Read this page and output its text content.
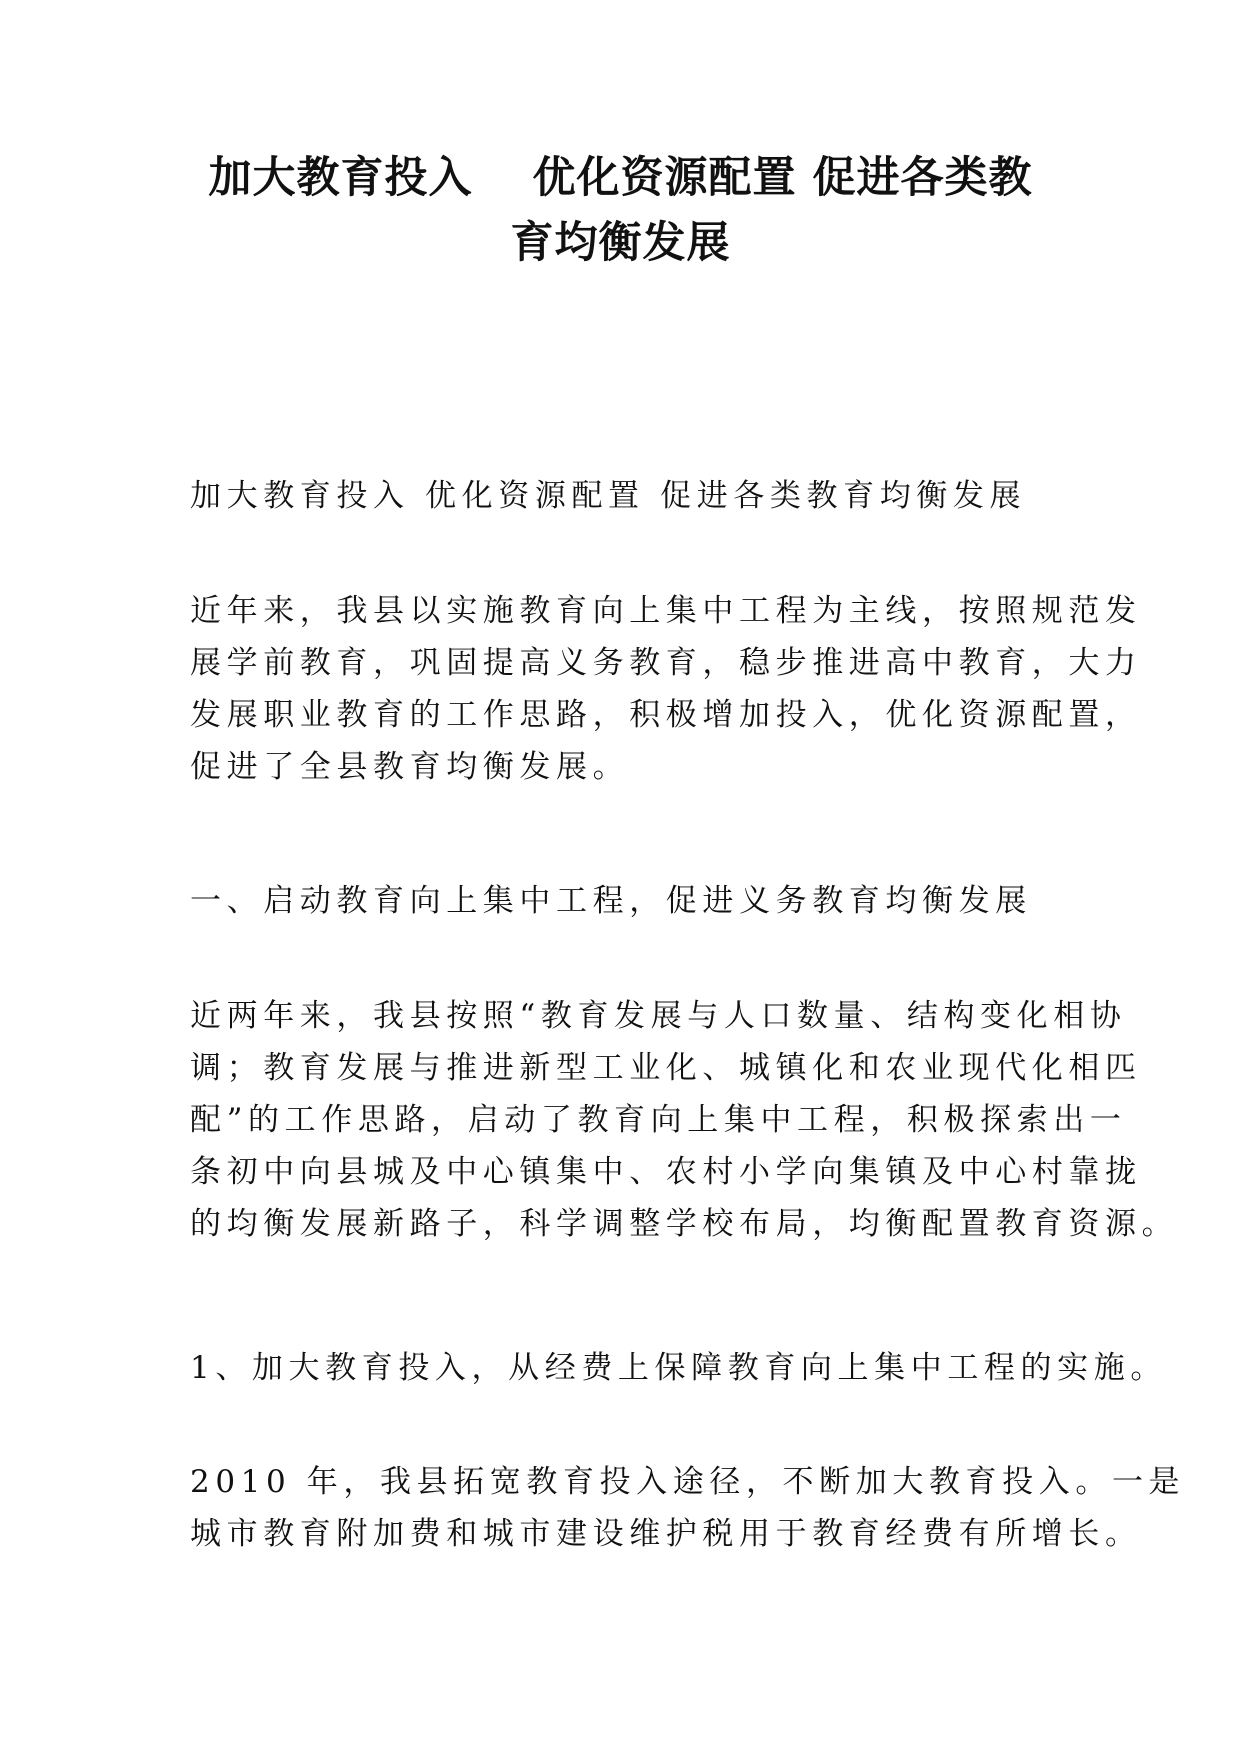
加大教育投入　 优化资源配置 促进各类教
育均衡发展

加大教育投入 优化资源配置 促进各类教育均衡发展

近年来，我县以实施教育向上集中工程为主线，按照规范发
展学前教育，巩固提高义务教育，稳步推进高中教育，大力
发展职业教育的工作思路，积极增加投入，优化资源配置，
促进了全县教育均衡发展。

一、启动教育向上集中工程，促进义务教育均衡发展

近两年来，我县按照“教育发展与人口数量、结构变化相协
调；教育发展与推进新型工业化、城镇化和农业现代化相匹
配”的工作思路，启动了教育向上集中工程，积极探索出一
条初中向县城及中心镇集中、农村小学向集镇及中心村靠拢
的均衡发展新路子，科学调整学校布局，均衡配置教育资源。

1、加大教育投入，从经费上保障教育向上集中工程的实施。

2010 年，我县拓宽教育投入途径，不断加大教育投入。一是
城市教育附加费和城市建设维护税用于教育经费有所增长。
